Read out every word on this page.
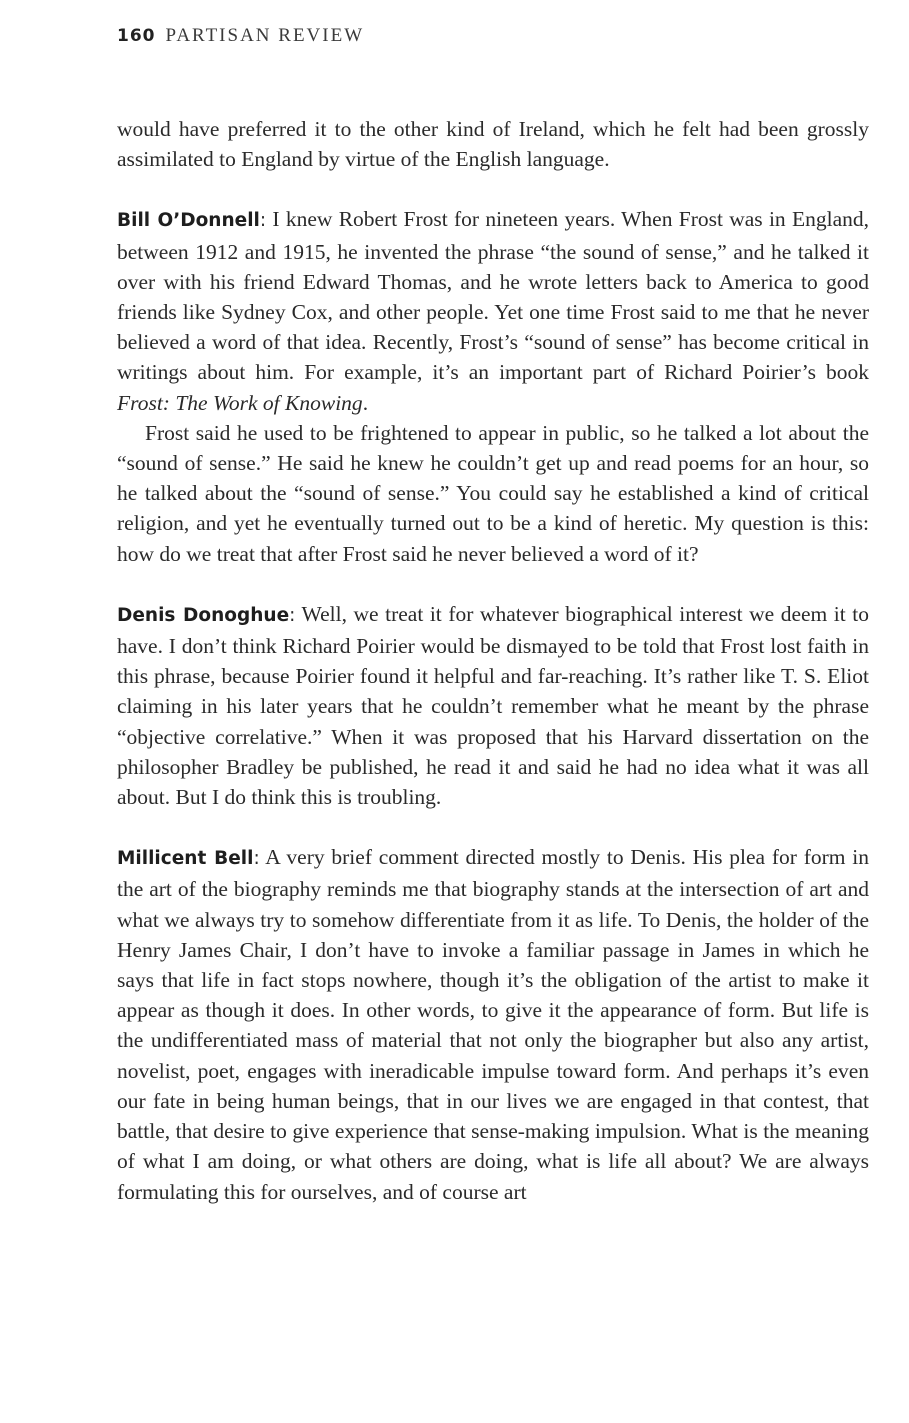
160 PARTISAN REVIEW

would have preferred it to the other kind of Ireland, which he felt had been grossly assimilated to England by virtue of the English language.

Bill O’Donnell: I knew Robert Frost for nineteen years. When Frost was in England, between 1912 and 1915, he invented the phrase “the sound of sense,” and he talked it over with his friend Edward Thomas, and he wrote letters back to America to good friends like Sydney Cox, and other people. Yet one time Frost said to me that he never believed a word of that idea. Recently, Frost’s “sound of sense” has become critical in writings about him. For example, it’s an important part of Richard Poirier’s book Frost: The Work of Knowing.

Frost said he used to be frightened to appear in public, so he talked a lot about the “sound of sense.” He said he knew he couldn’t get up and read poems for an hour, so he talked about the “sound of sense.” You could say he established a kind of critical religion, and yet he eventually turned out to be a kind of heretic. My question is this: how do we treat that after Frost said he never believed a word of it?

Denis Donoghue: Well, we treat it for whatever biographical interest we deem it to have. I don’t think Richard Poirier would be dismayed to be told that Frost lost faith in this phrase, because Poirier found it helpful and far-reaching. It’s rather like T. S. Eliot claiming in his later years that he couldn’t remember what he meant by the phrase “objective correlative.” When it was proposed that his Harvard dissertation on the philosopher Bradley be published, he read it and said he had no idea what it was all about. But I do think this is troubling.

Millicent Bell: A very brief comment directed mostly to Denis. His plea for form in the art of the biography reminds me that biography stands at the intersection of art and what we always try to somehow differentiate from it as life. To Denis, the holder of the Henry James Chair, I don’t have to invoke a familiar passage in James in which he says that life in fact stops nowhere, though it’s the obligation of the artist to make it appear as though it does. In other words, to give it the appearance of form. But life is the undifferentiated mass of material that not only the biographer but also any artist, novelist, poet, engages with ineradicable impulse toward form. And perhaps it’s even our fate in being human beings, that in our lives we are engaged in that contest, that battle, that desire to give experience that sense-making impulsion. What is the meaning of what I am doing, or what others are doing, what is life all about? We are always formulating this for ourselves, and of course art
